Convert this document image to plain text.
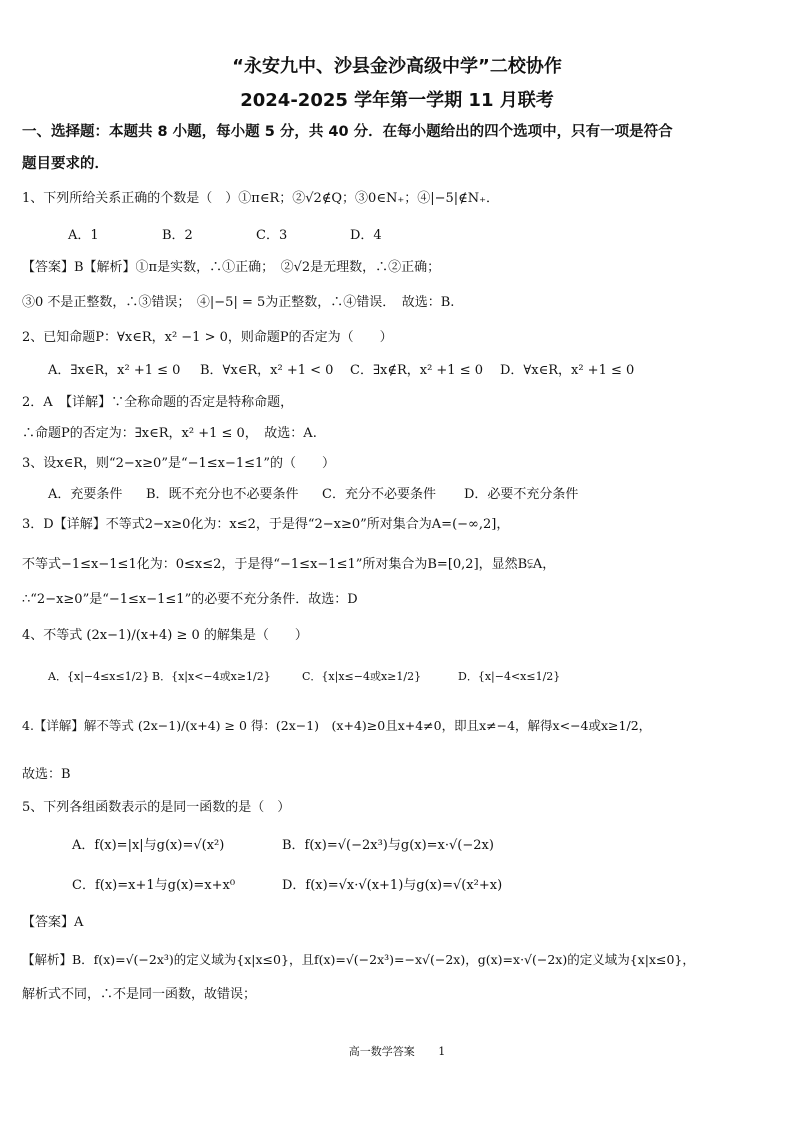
“永安九中、沙县金沙高级中学”二校协作
2024-2025 学年第一学期 11 月联考
一、选择题：本题共 8 小题，每小题 5 分，共 40 分．在每小题给出的四个选项中，只有一项是符合
题目要求的．
1、下列所给关系正确的个数是（　）①π∈R；②√2∉Q；③0∈N₊；④|−5|∉N₊．
A．1	B．2	C．3	D．4
【答案】B【解析】①π是实数，∴①正确；　②√2是无理数，∴②正确；
③0 不是正整数，∴③错误；　④|−5| = 5为正整数，∴④错误．　故选：B.
2、已知命题P：∀x∈R，x² −1 > 0，则命题P的否定为（　　）
A．∃x∈R，x² +1 ≤ 0 B．∀x∈R，x² +1 < 0 C．∃x∉R，x² +1 ≤ 0 D．∀x∈R，x² +1 ≤ 0
2．A　【详解】∵全称命题的否定是特称命题，
∴命题P的否定为：∃x∈R，x² +1 ≤ 0，　故选：A.
3、设x∈R，则“2−x≥0”是“−1≤x−1≤1”的（　　）
A．充要条件 B．既不充分也不必要条件 C．充分不必要条件 D．必要不充分条件
3．D【详解】不等式2−x≥0化为：x≤2，于是得“2−x≥0”所对集合为A=(−∞,2]，
不等式−1≤x−1≤1化为：0≤x≤2，于是得“−1≤x−1≤1”所对集合为B=[0,2]，显然B⫋A，
∴“2−x≥0”是“−1≤x−1≤1”的必要不充分条件．故选：D
4、不等式 (2x−1)/(x+4) ≥ 0 的解集是（　　）
A．{x|−4≤x≤1/2} B．{x|x<−4或x≥1/2}	C．{x|x≤−4或x≥1/2}	D．{x|−4<x≤1/2}
4.【详解】解不等式 (2x−1)/(x+4) ≥ 0 得：(2x−1)　(x+4)≥0且x+4≠0，即且x≠−4，解得x<−4或x≥1/2，
故选：B
5、下列各组函数表示的是同一函数的是（　）
A．f(x)=|x|与g(x)=√(x²)	B．f(x)=√(−2x³)与g(x)=x·√(−2x)
C．f(x)=x+1与g(x)=x+x⁰	D．f(x)=√x·√(x+1)与g(x)=√(x²+x)
【答案】A
【解析】B．f(x)=√(−2x³)的定义域为{x|x≤0}，且f(x)=√(−2x³)=−x√(−2x)，g(x)=x·√(−2x)的定义域为{x|x≤0}，
解析式不同，∴不是同一函数，故错误；
高一数学答案 1
